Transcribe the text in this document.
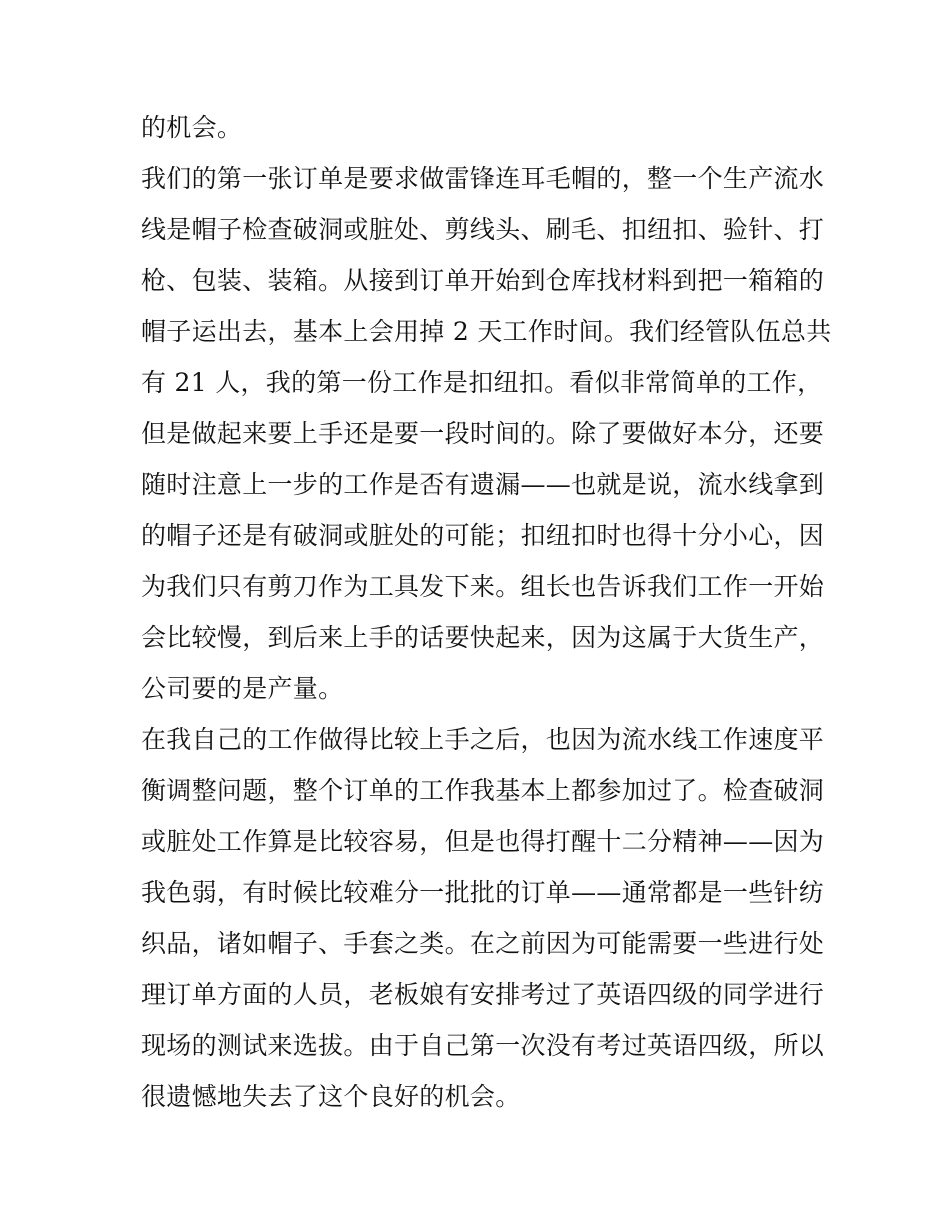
的机会。
我们的第一张订单是要求做雷锋连耳毛帽的，整一个生产流水
线是帽子检查破洞或脏处、剪线头、刷毛、扣纽扣、验针、打
枪、包装、装箱。从接到订单开始到仓库找材料到把一箱箱的
帽子运出去，基本上会用掉 2 天工作时间。我们经管队伍总共
有 21 人，我的第一份工作是扣纽扣。看似非常简单的工作，
但是做起来要上手还是要一段时间的。除了要做好本分，还要
随时注意上一步的工作是否有遗漏——也就是说，流水线拿到
的帽子还是有破洞或脏处的可能；扣纽扣时也得十分小心，因
为我们只有剪刀作为工具发下来。组长也告诉我们工作一开始
会比较慢，到后来上手的话要快起来，因为这属于大货生产，
公司要的是产量。
在我自己的工作做得比较上手之后，也因为流水线工作速度平
衡调整问题，整个订单的工作我基本上都参加过了。检查破洞
或脏处工作算是比较容易，但是也得打醒十二分精神——因为
我色弱，有时候比较难分一批批的订单——通常都是一些针纺
织品，诸如帽子、手套之类。在之前因为可能需要一些进行处
理订单方面的人员，老板娘有安排考过了英语四级的同学进行
现场的测试来选拔。由于自己第一次没有考过英语四级，所以
很遗憾地失去了这个良好的机会。
